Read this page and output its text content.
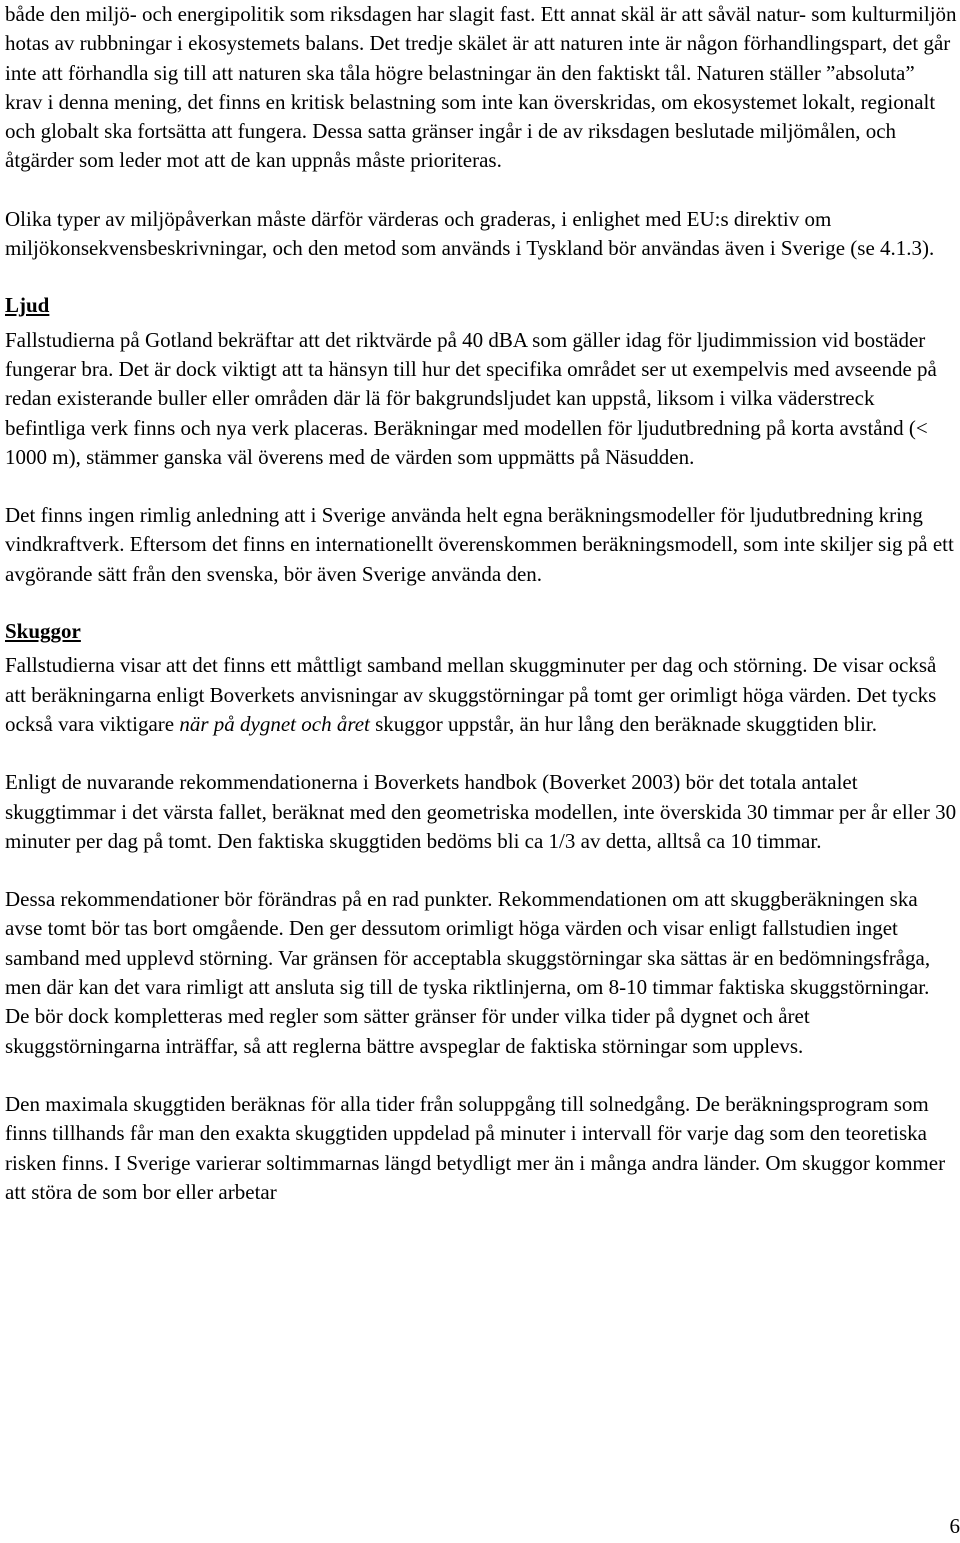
både den miljö- och energipolitik som riksdagen har slagit fast. Ett annat skäl är att såväl natur- som kulturmiljön hotas av rubbningar i ekosystemets balans. Det tredje skälet är att naturen inte är någon förhandlingspart, det går inte att förhandla sig till att naturen ska tåla högre belastningar än den faktiskt tål. Naturen ställer ”absoluta” krav i denna mening, det finns en kritisk belastning som inte kan överskridas, om ekosystemet lokalt, regionalt och globalt ska fortsätta att fungera. Dessa satta gränser ingår i de av riksdagen beslutade miljömålen, och åtgärder som leder mot att de kan uppnås måste prioriteras.

Olika typer av miljöpåverkan måste därför värderas och graderas, i enlighet med EU:s direktiv om miljökonsekvensbeskrivningar, och den metod som används i Tyskland bör användas även i Sverige (se 4.1.3).

Ljud

Fallstudierna på Gotland bekräftar att det riktvärde på 40 dBA som gäller idag för ljudimmission vid bostäder fungerar bra. Det är dock viktigt att ta hänsyn till hur det specifika området ser ut exempelvis med avseende på redan existerande buller eller områden där lä för bakgrundsljudet kan uppstå, liksom i vilka väderstreck befintliga verk finns och nya verk placeras. Beräkningar med modellen för ljudutbredning på korta avstånd (< 1000 m), stämmer ganska väl överens med de värden som uppmätts på Näsudden.

Det finns ingen rimlig anledning att i Sverige använda helt egna beräkningsmodeller för ljudutbredning kring vindkraftverk. Eftersom det finns en internationellt överenskommen beräkningsmodell, som inte skiljer sig på ett avgörande sätt från den svenska, bör även Sverige använda den.

Skuggor

Fallstudierna visar att det finns ett måttligt samband mellan skuggminuter per dag och störning. De visar också att beräkningarna enligt Boverkets anvisningar av skuggstörningar på tomt ger orimligt höga värden. Det tycks också vara viktigare när på dygnet och året skuggor uppstår, än hur lång den beräknade skuggtiden blir.

Enligt de nuvarande rekommendationerna i Boverkets handbok (Boverket 2003) bör det totala antalet skuggtimmar i det värsta fallet, beräknat med den geometriska modellen, inte överskida 30 timmar per år eller 30 minuter per dag på tomt. Den faktiska skuggtiden bedöms bli ca 1/3 av detta, alltså ca 10 timmar.

Dessa rekommendationer bör förändras på en rad punkter. Rekommendationen om att skuggberäkningen ska avse tomt bör tas bort omgående. Den ger dessutom orimligt höga värden och visar enligt fallstudien inget samband med upplevd störning. Var gränsen för acceptabla skuggstörningar ska sättas är en bedömningsfråga, men där kan det vara rimligt att ansluta sig till de tyska riktlinjerna, om 8-10 timmar faktiska skuggstörningar. De bör dock kompletteras med regler som sätter gränser för under vilka tider på dygnet och året skuggstörningarna inträffar, så att reglerna bättre avspeglar de faktiska störningar som upplevs.

Den maximala skuggtiden beräknas för alla tider från soluppgång till solnedgång. De beräkningsprogram som finns tillhands får man den exakta skuggtiden uppdelad på minuter i intervall för varje dag som den teoretiska risken finns. I Sverige varierar soltimmarnas längd betydligt mer än i många andra länder. Om skuggor kommer att störa de som bor eller arbetar

6
